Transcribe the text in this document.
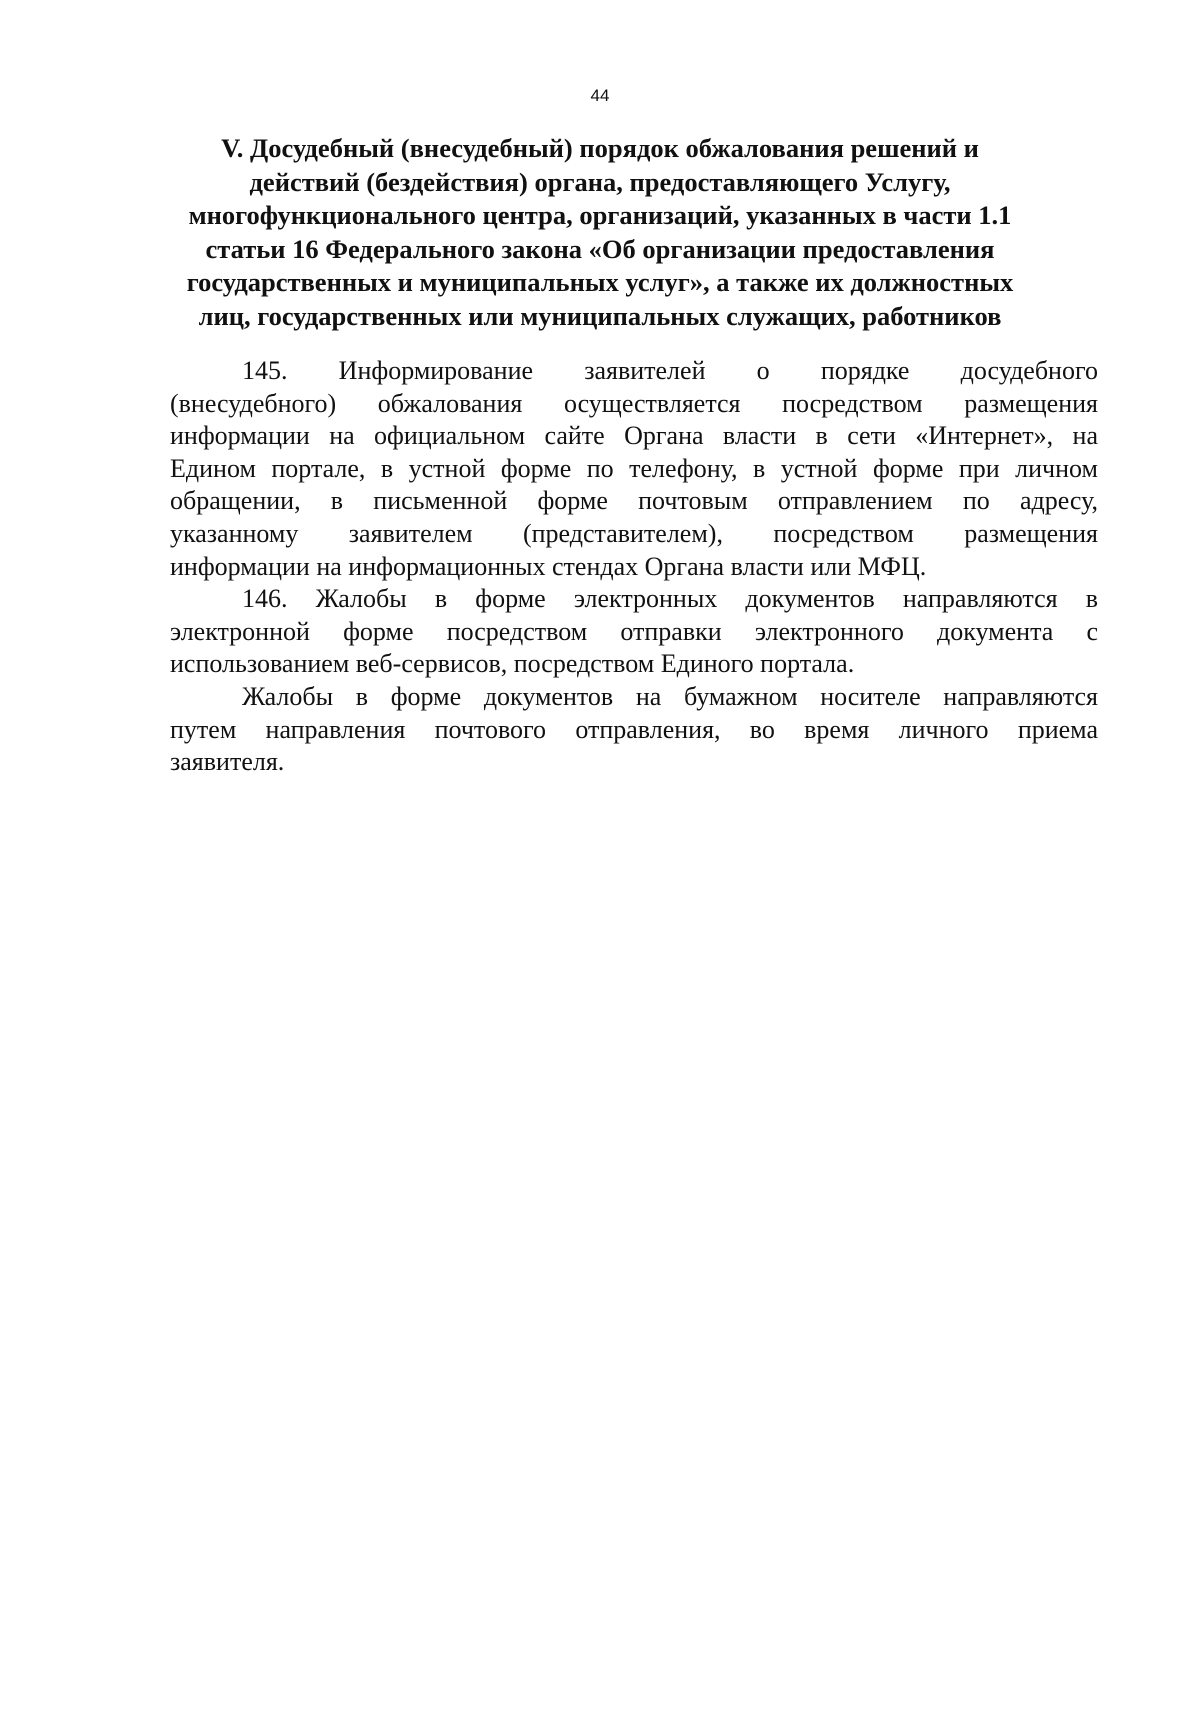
44
V. Досудебный (внесудебный) порядок обжалования решений и
действий (бездействия) органа, предоставляющего Услугу,
многофункционального центра, организаций, указанных в части 1.1
статьи 16 Федерального закона «Об организации предоставления
государственных и муниципальных услуг», а также их должностных
лиц, государственных или муниципальных служащих, работников

145. Информирование заявителей о порядке досудебного

(внесудебного) обжалования осуществляется посредством размещения

информации на официальном сайте Органа власти в сети «Интернет», на

Едином портале, в устной форме по телефону, в устной форме при личном

обращении, в письменной форме почтовым отправлением по адресу,

указанному заявителем (представителем), посредством размещения

информации на информационных стендах Органа власти или МФЦ.

146. Жалобы в форме электронных документов направляются в

электронной форме посредством отправки электронного документа с

использованием веб-сервисов, посредством Единого портала.

Жалобы в форме документов на бумажном носителе направляются

путем направления почтового отправления, во время личного приема

заявителя.
